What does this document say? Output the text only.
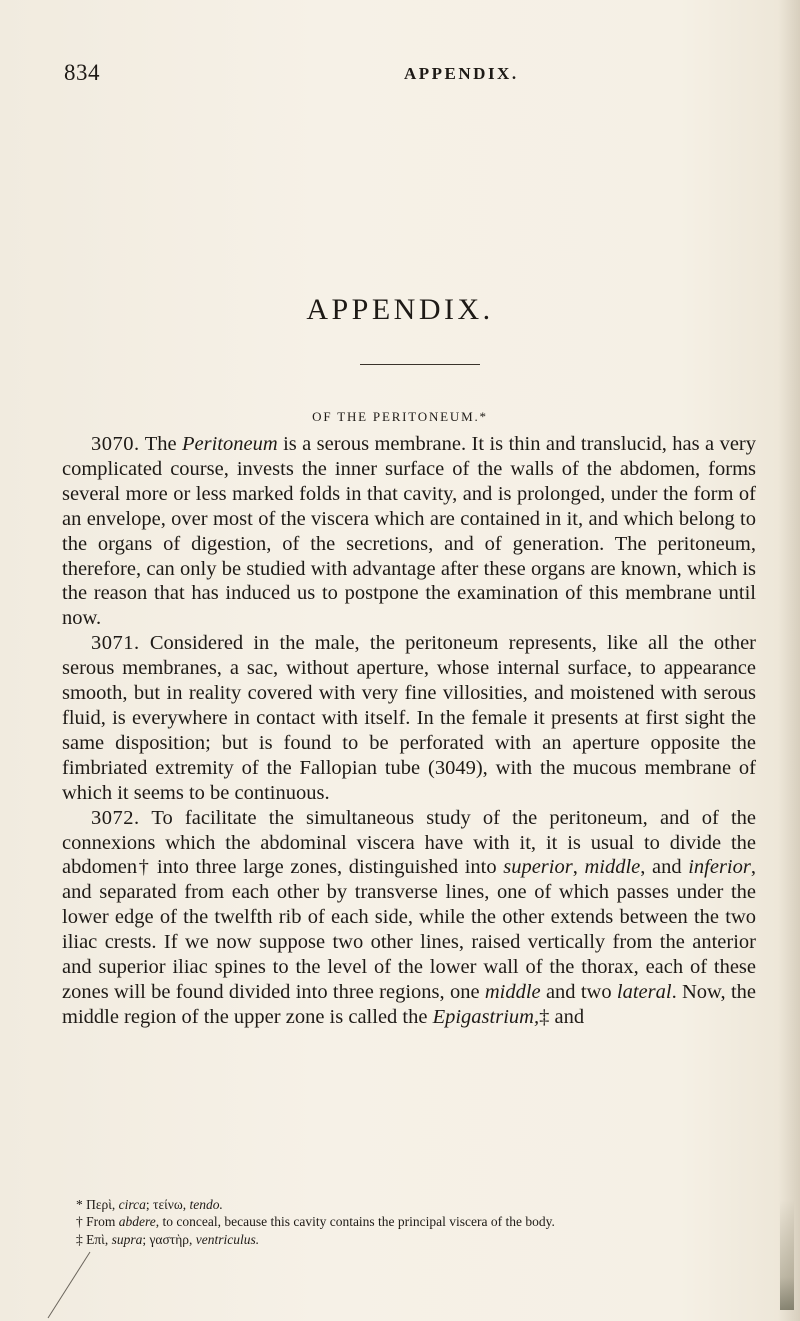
834	APPENDIX.
APPENDIX.
OF THE PERITONEUM.*

3070. The Peritoneum is a serous membrane. It is thin and translucid, has a very complicated course, invests the inner surface of the walls of the abdomen, forms several more or less marked folds in that cavity, and is prolonged, under the form of an envelope, over most of the viscera which are contained in it, and which belong to the organs of digestion, of the secretions, and of generation. The peritoneum, therefore, can only be studied with advantage after these organs are known, which is the reason that has induced us to postpone the examination of this membrane until now.

3071. Considered in the male, the peritoneum represents, like all the other serous membranes, a sac, without aperture, whose internal surface, to appearance smooth, but in reality covered with very fine villosities, and moistened with serous fluid, is everywhere in contact with itself. In the female it presents at first sight the same disposition; but is found to be perforated with an aperture opposite the fimbriated extremity of the Fallopian tube (3049), with the mucous membrane of which it seems to be continuous.

3072. To facilitate the simultaneous study of the peritoneum, and of the connexions which the abdominal viscera have with it, it is usual to divide the abdomen† into three large zones, distinguished into superior, middle, and inferior, and separated from each other by transverse lines, one of which passes under the lower edge of the twelfth rib of each side, while the other extends between the two iliac crests. If we now suppose two other lines, raised vertically from the anterior and superior iliac spines to the level of the lower wall of the thorax, each of these zones will be found divided into three regions, one middle and two lateral. Now, the middle region of the upper zone is called the Epigastrium,‡ and

* Περὶ, circa; τείνω, tendo.

† From abdere, to conceal, because this cavity contains the principal viscera of the body.

‡ Επὶ, supra; γαστὴρ, ventriculus.
